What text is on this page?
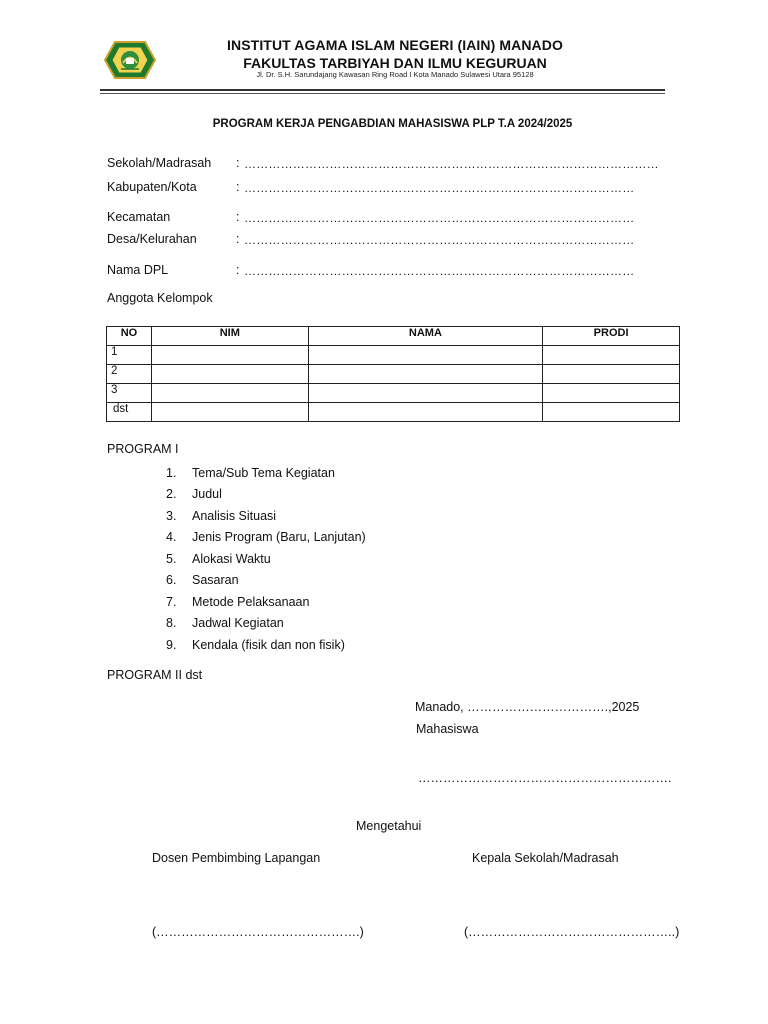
INSTITUT AGAMA ISLAM NEGERI (IAIN) MANADO
FAKULTAS TARBIYAH DAN ILMU KEGURUAN
Jl. Dr. S.H. Sarundajang Kawasan Ring Road I Kota Manado Sulawesi Utara 95128
PROGRAM KERJA PENGABDIAN MAHASISWA PLP T.A 2024/2025
Sekolah/Madrasah : …………………………………………………………………………………………
Kabupaten/Kota	: ……………………………………………………………………………………
Kecamatan	: ……………………………………………………………………………………
Desa/Kelurahan	: ……………………………………………………………………………………
Nama DPL	: ……………………………………………………………………………………
Anggota Kelompok
NO	NIM	NAMA	PRODI
1			
2			
3			
dst			
PROGRAM I
1. Tema/Sub Tema Kegiatan
2. Judul
3. Analisis Situasi
4. Jenis Program (Baru, Lanjutan)
5. Alokasi Waktu
6. Sasaran
7. Metode Pelaksanaan
8. Jadwal Kegiatan
9. Kendala (fisik dan non fisik)
PROGRAM II dst
Manado, …………………………….,2025
Mahasiswa
…………………………………………………….
Mengetahui
Dosen Pembimbing Lapangan	Kepala Sekolah/Madrasah
(………………………………………….)	(…………………………………………..)
